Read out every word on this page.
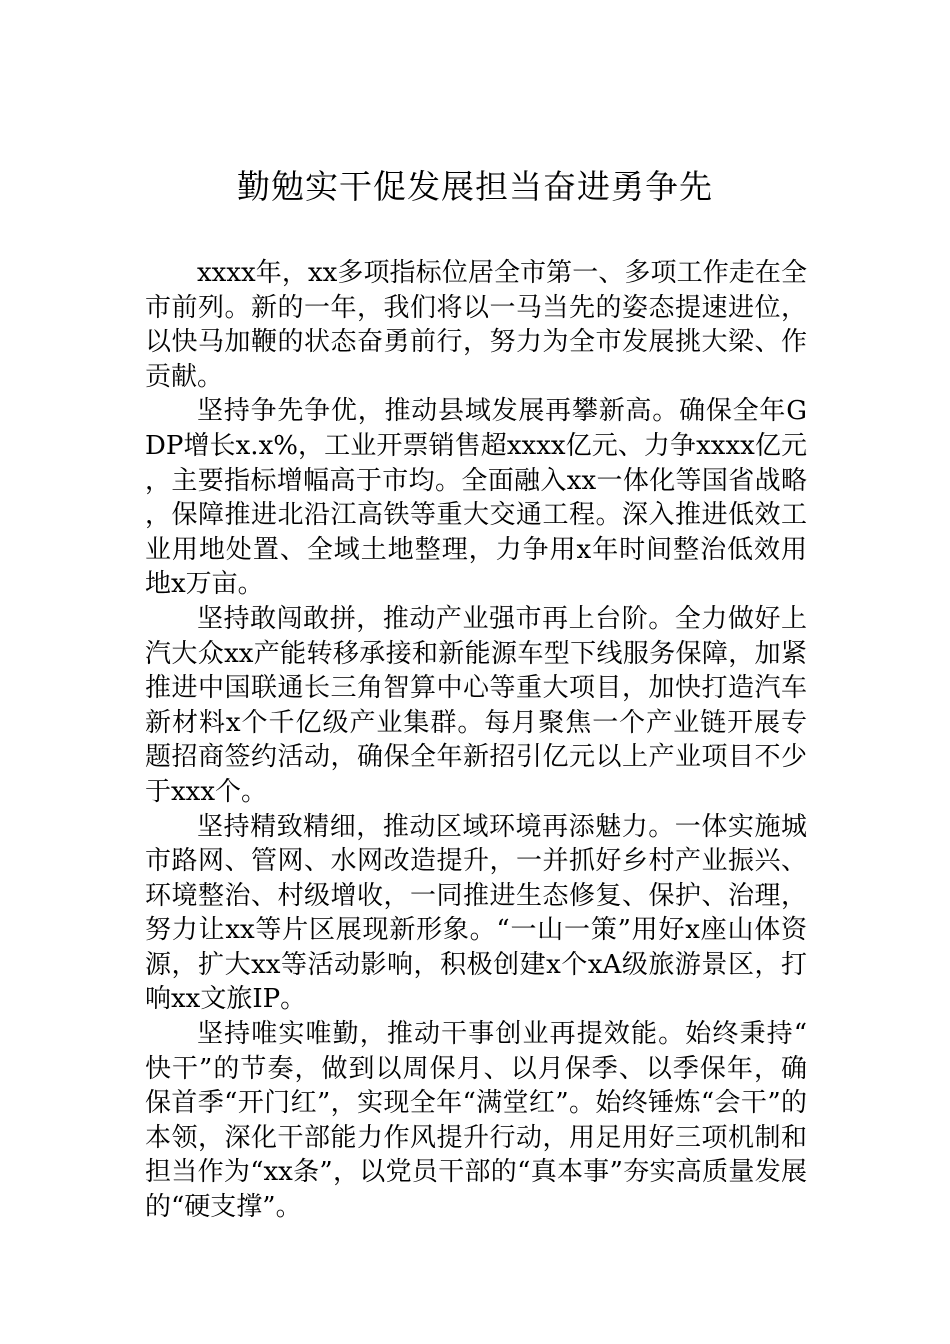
勤勉实干促发展担当奋进勇争先

xxxx年，xx多项指标位居全市第一、多项工作走在全市前列。新的一年，我们将以一马当先的姿态提速进位，以快马加鞭的状态奋勇前行，努力为全市发展挑大梁、作贡献。

坚持争先争优，推动县域发展再攀新高。确保全年GDP增长x.x%，工业开票销售超xxxx亿元、力争xxxx亿元，主要指标增幅高于市均。全面融入xx一体化等国省战略，保障推进北沿江高铁等重大交通工程。深入推进低效工业用地处置、全域土地整理，力争用x年时间整治低效用地x万亩。

坚持敢闯敢拼，推动产业强市再上台阶。全力做好上汽大众xx产能转移承接和新能源车型下线服务保障，加紧推进中国联通长三角智算中心等重大项目，加快打造汽车新材料x个千亿级产业集群。每月聚焦一个产业链开展专题招商签约活动，确保全年新招引亿元以上产业项目不少于xxx个。

坚持精致精细，推动区域环境再添魅力。一体实施城市路网、管网、水网改造提升，一并抓好乡村产业振兴、环境整治、村级增收，一同推进生态修复、保护、治理，努力让xx等片区展现新形象。“一山一策”用好x座山体资源，扩大xx等活动影响，积极创建x个xA级旅游景区，打响xx文旅IP。

坚持唯实唯勤，推动干事创业再提效能。始终秉持“快干”的节奏，做到以周保月、以月保季、以季保年，确保首季“开门红”，实现全年“满堂红”。始终锤炼“会干”的本领，深化干部能力作风提升行动，用足用好三项机制和担当作为“xx条”，以党员干部的“真本事”夯实高质量发展的“硬支撑”。
